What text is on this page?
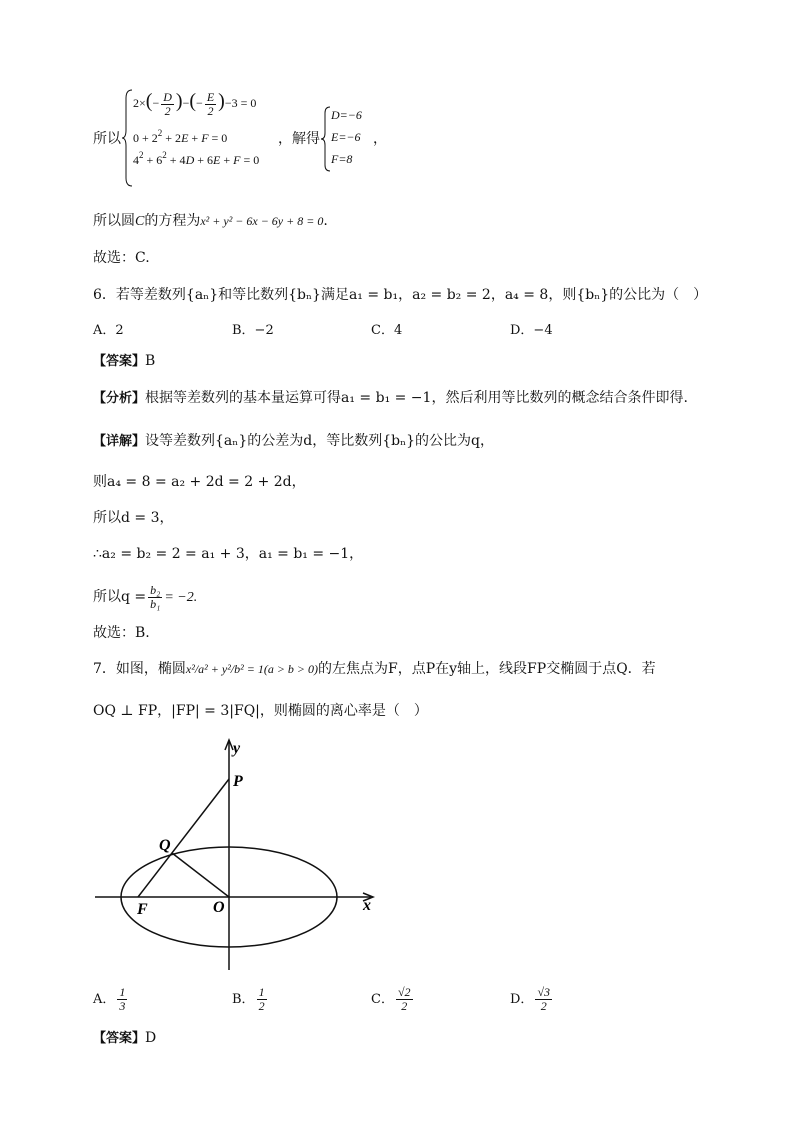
所以
$2\times(- \frac{D}{2}$ )−(− $\frac{E}{2} )-3 = 0$
$0 + 2^2 + 2E + F = 0$
$4^2 + 6^2 + 4D + 6E + F = 0$
，解得
D=−6
E=−6
F=8
，
所以圆C的方程为x² + y² − 6x − 6y + 8 = 0.
故选：C.
6．若等差数列{aₙ}和等比数列{bₙ}满足a₁ = b₁，a₂ = b₂ = 2，a₄ = 8，则{bₙ}的公比为（　）
A．2	B．−2	C．4	D．−4
【答案】B
【分析】根据等差数列的基本量运算可得a₁ = b₁ = −1，然后利用等比数列的概念结合条件即得.
【详解】设等差数列{aₙ}的公差为d，等比数列{bₙ}的公比为q，
则a₄ = 8 = a₂ + 2d = 2 + 2d，
所以d = 3，
∴a₂ = b₂ = 2 = a₁ + 3，a₁ = b₁ = −1，
所以$q = \frac{\text{b₂}}{\text{b₁}} = -2$.
故选：B.
7．如图，椭圆x²/a² + y²/b² = 1(a > b > 0)的左焦点为F，点P在y轴上，线段FP交椭圆于点Q．若
OQ ⊥ FP，|FP| = 3|FQ|，则椭圆的离心率是（　）
y
P
Q
F	O	x
A． $\frac{1}{3}$	B． $\frac{1}{2}$	C． $\frac{√2}{2}$	D． $\frac{√3}{2}$
【答案】D
